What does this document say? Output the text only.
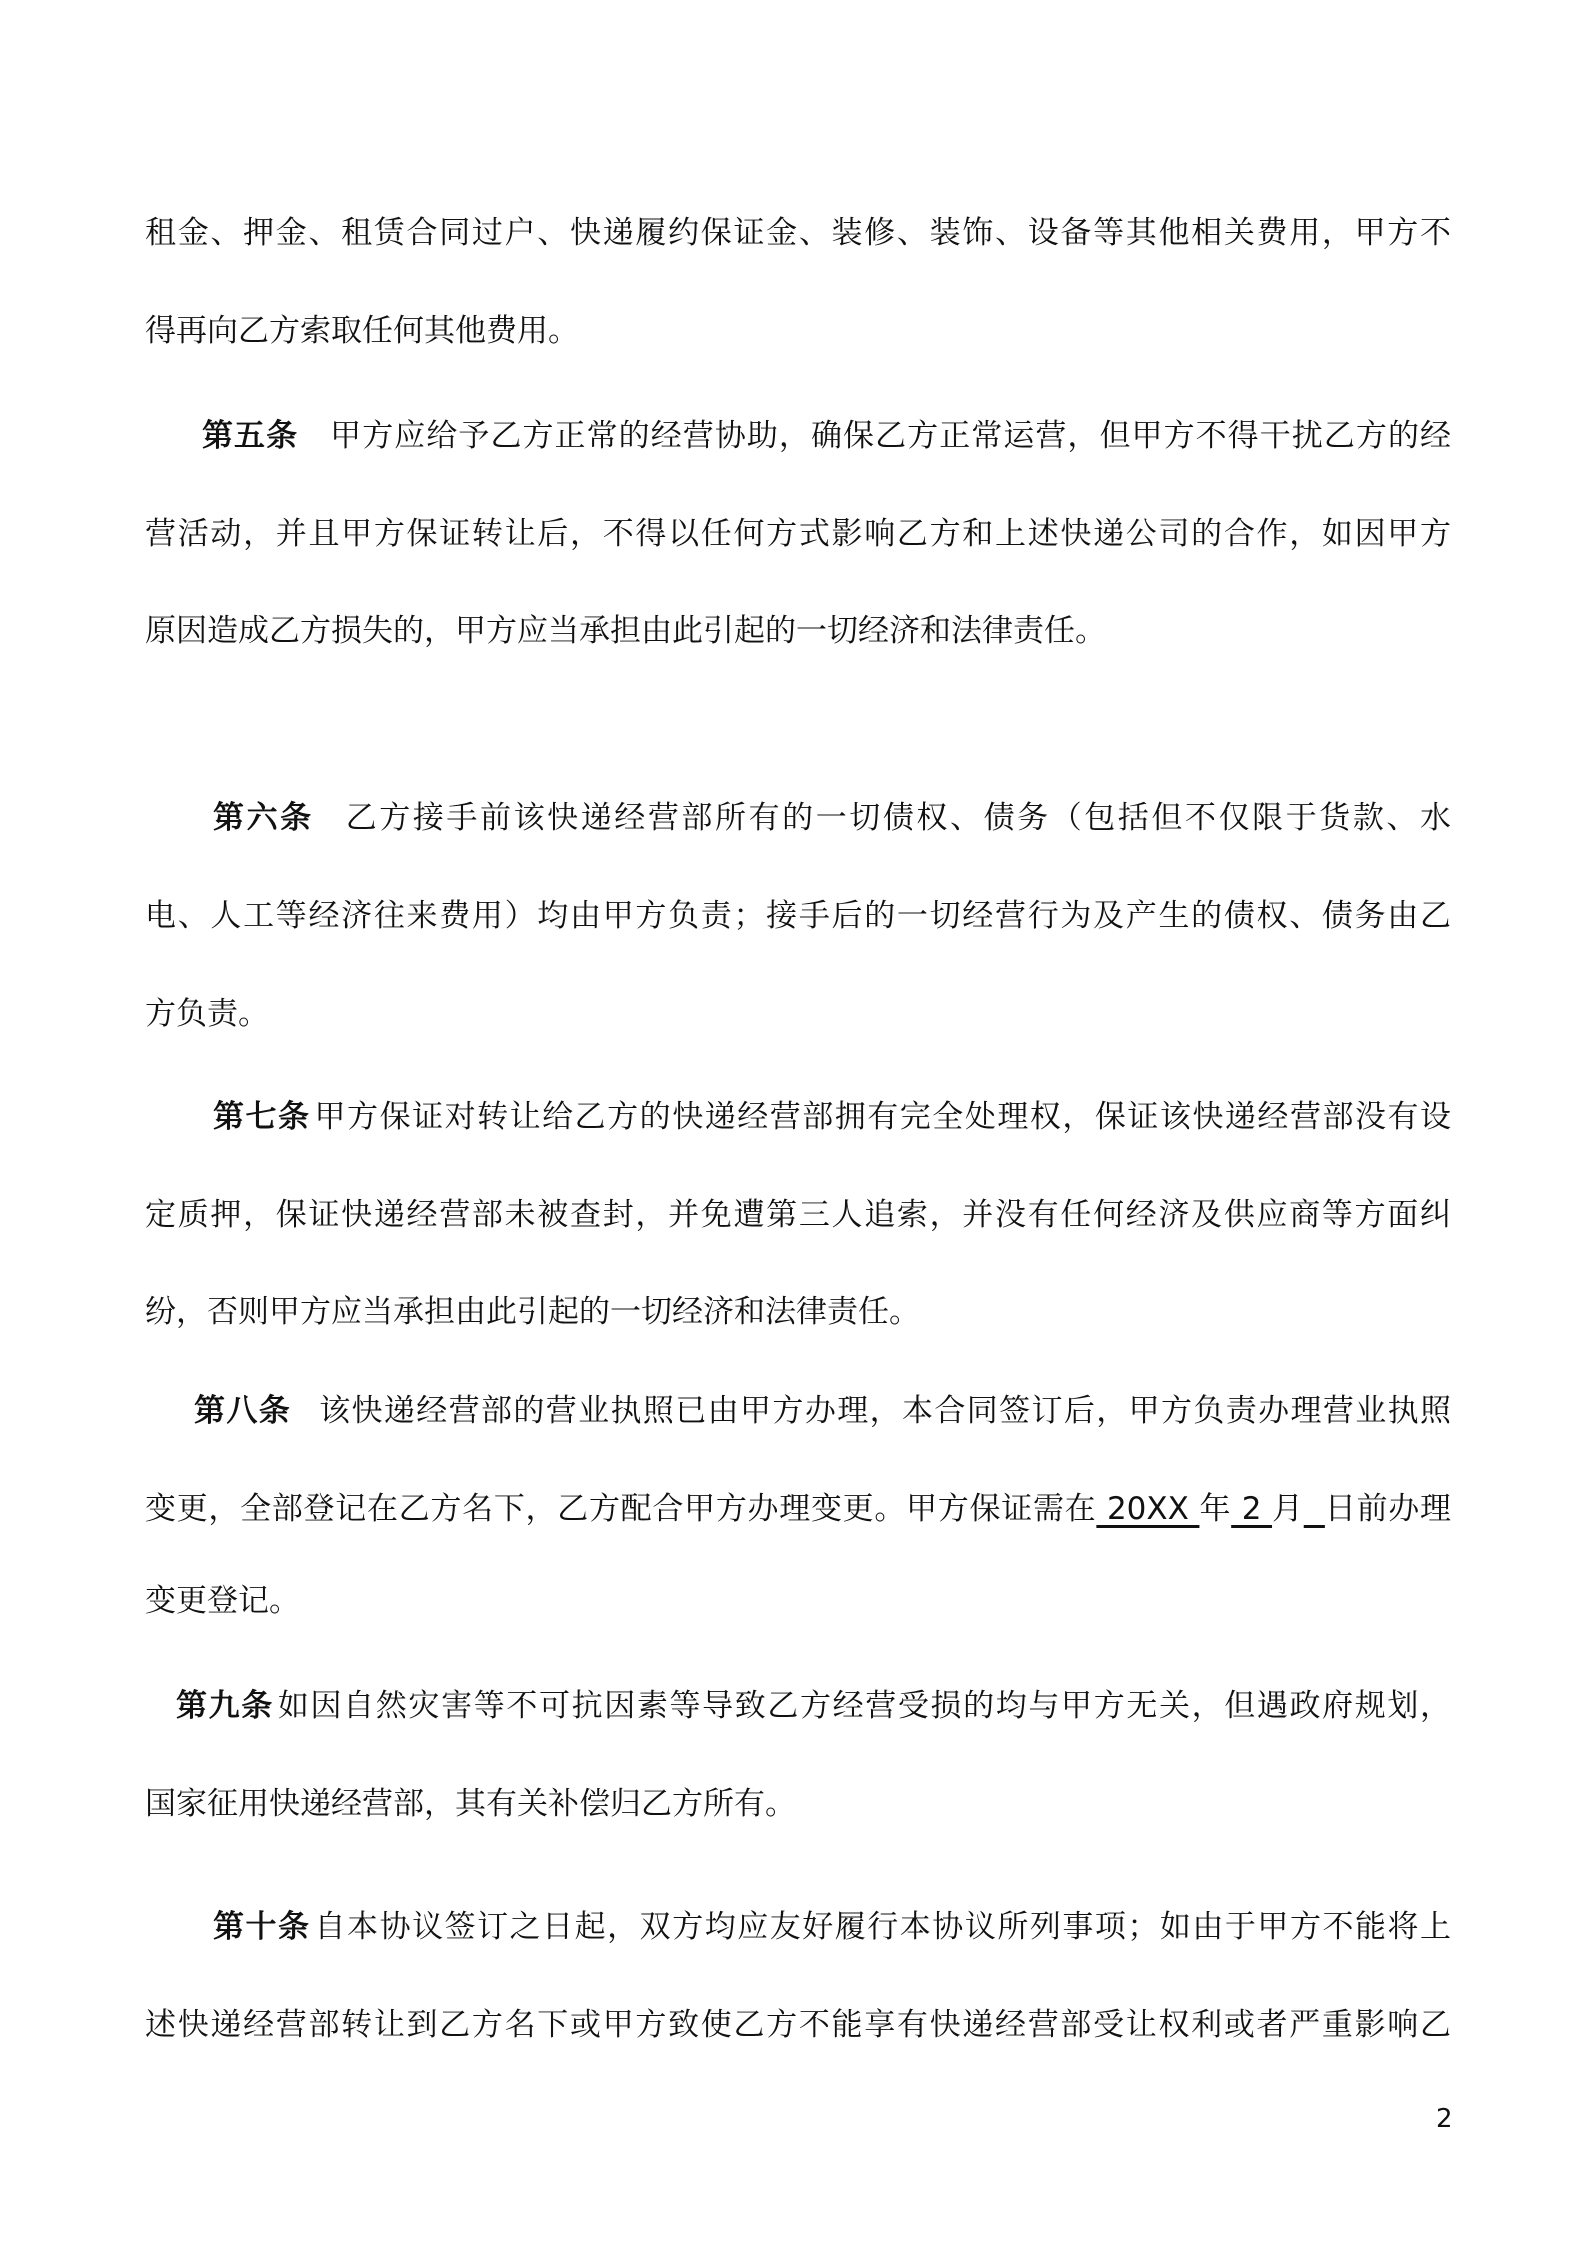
租金、押金、租赁合同过户、快递履约保证金、装修、装饰、设备等其他相关费用，甲方不
得再向乙方索取任何其他费用。
第五条 甲方应给予乙方正常的经营协助，确保乙方正常运营，但甲方不得干扰乙方的经
营活动，并且甲方保证转让后，不得以任何方式影响乙方和上述快递公司的合作，如因甲方
原因造成乙方损失的，甲方应当承担由此引起的一切经济和法律责任。
第六条 乙方接手前该快递经营部所有的一切债权、债务（包括但不仅限于货款、水
电、人工等经济往来费用）均由甲方负责；接手后的一切经营行为及产生的债权、债务由乙
方负责。
第七条 甲方保证对转让给乙方的快递经营部拥有完全处理权，保证该快递经营部没有设
定质押，保证快递经营部未被查封，并免遭第三人追索，并没有任何经济及供应商等方面纠
纷，否则甲方应当承担由此引起的一切经济和法律责任。
第八条 该快递经营部的营业执照已由甲方办理，本合同签订后，甲方负责办理营业执照
变更，全部登记在乙方名下，乙方配合甲方办理变更。甲方保证需在 20XX 年 2 月 日前办理
变更登记。
第九条 如因自然灾害等不可抗因素等导致乙方经营受损的均与甲方无关，但遇政府规划，
国家征用快递经营部，其有关补偿归乙方所有。
第十条 自本协议签订之日起，双方均应友好履行本协议所列事项；如由于甲方不能将上
述快递经营部转让到乙方名下或甲方致使乙方不能享有快递经营部受让权利或者严重影响乙
2
